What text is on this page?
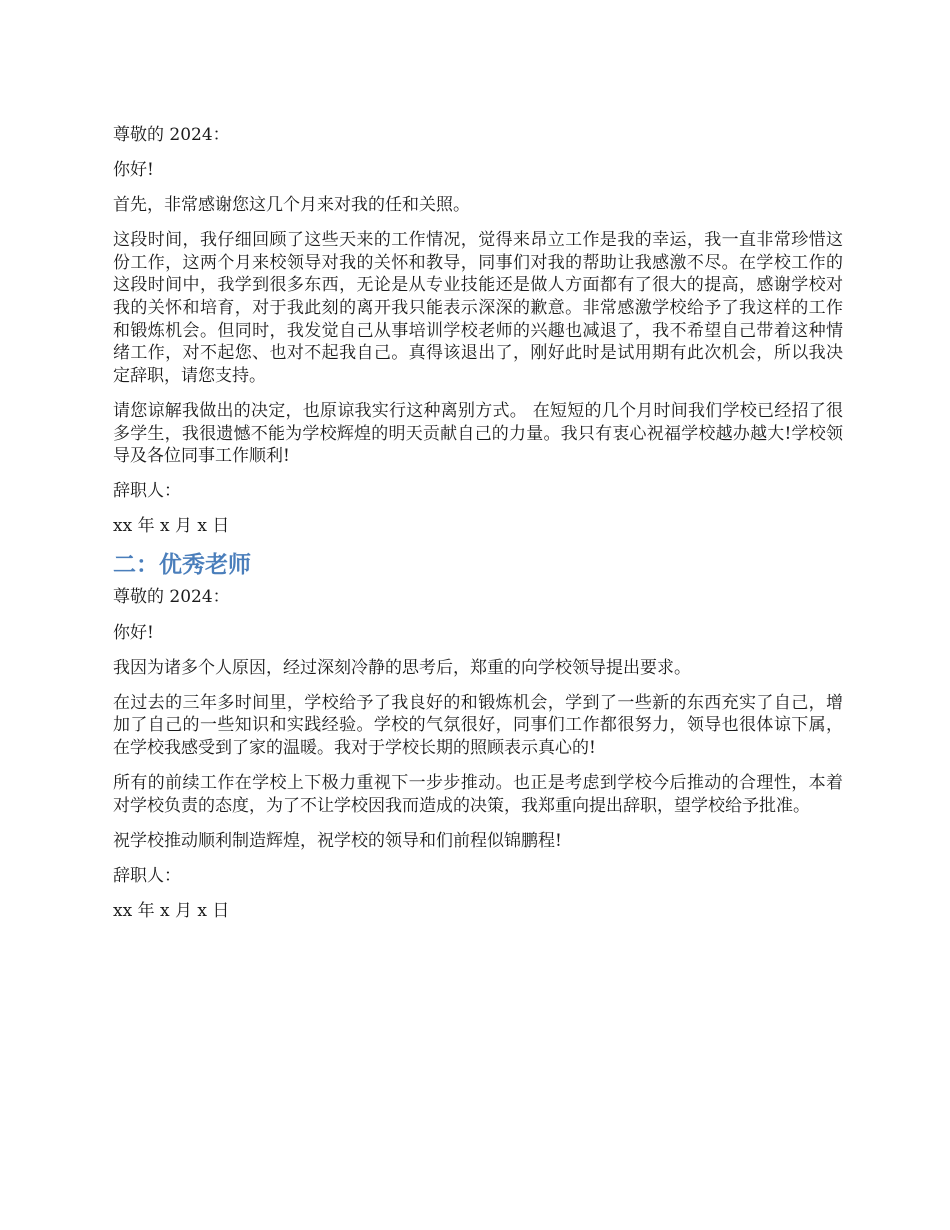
尊敬的 2024：

你好!

首先，非常感谢您这几个月来对我的任和关照。

这段时间，我仔细回顾了这些天来的工作情况，觉得来昂立工作是我的幸运，我一直非常珍惜这份工作，这两个月来校领导对我的关怀和教导，同事们对我的帮助让我感激不尽。在学校工作的这段时间中，我学到很多东西，无论是从专业技能还是做人方面都有了很大的提高，感谢学校对我的关怀和培育，对于我此刻的离开我只能表示深深的歉意。非常感激学校给予了我这样的工作和锻炼机会。但同时，我发觉自己从事培训学校老师的兴趣也减退了，我不希望自己带着这种情绪工作，对不起您、也对不起我自己。真得该退出了，刚好此时是试用期有此次机会，所以我决定辞职，请您支持。

请您谅解我做出的决定，也原谅我实行这种离别方式。 在短短的几个月时间我们学校已经招了很多学生，我很遗憾不能为学校辉煌的明天贡献自己的力量。我只有衷心祝福学校越办越大!学校领导及各位同事工作顺利!

辞职人：

xx 年 x 月 x 日

二：优秀老师

尊敬的 2024：

你好!

我因为诸多个人原因，经过深刻冷静的思考后，郑重的向学校领导提出要求。

在过去的三年多时间里，学校给予了我良好的和锻炼机会，学到了一些新的东西充实了自己，增加了自己的一些知识和实践经验。学校的气氛很好，同事们工作都很努力，领导也很体谅下属，在学校我感受到了家的温暖。我对于学校长期的照顾表示真心的!

所有的前续工作在学校上下极力重视下一步步推动。也正是考虑到学校今后推动的合理性，本着对学校负责的态度，为了不让学校因我而造成的决策，我郑重向提出辞职，望学校给予批准。

祝学校推动顺利制造辉煌，祝学校的领导和们前程似锦鹏程!

辞职人：

xx 年 x 月 x 日
